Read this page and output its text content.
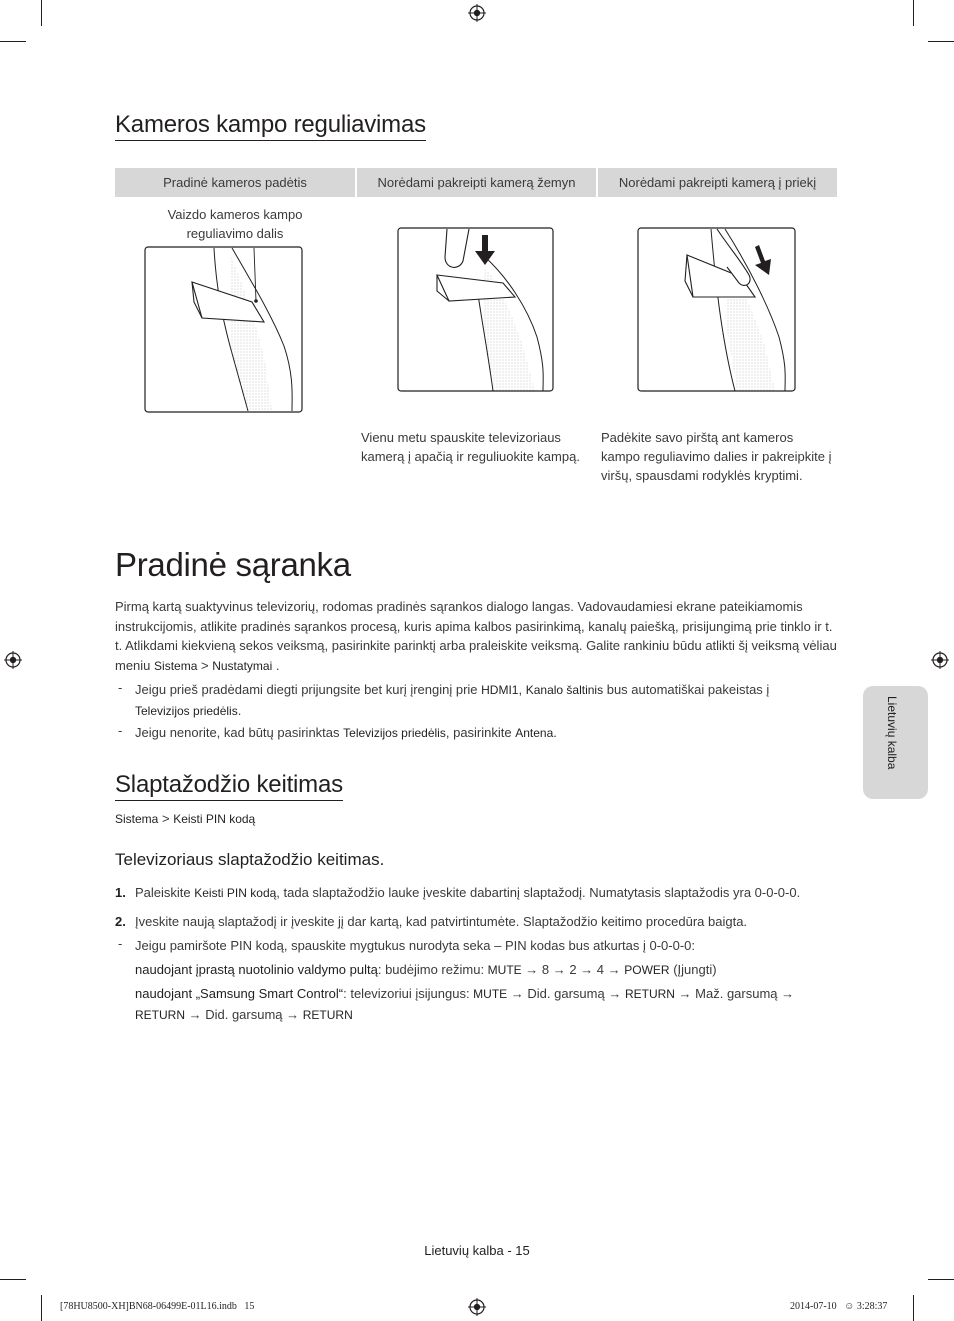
Kameros kampo reguliavimas
Pradinė kameros padėtis	Norėdami pakreipti kamerą žemyn	Norėdami pakreipti kamerą į priekį
Vaizdo kameros kampo
reguliavimo dalis
Vienu metu spauskite televizoriaus
kamerą į apačią ir reguliuokite kampą.
Padėkite savo pirštą ant kameros
kampo reguliavimo dalies ir pakreipkite į
viršų, spausdami rodyklės kryptimi.
Pradinė sąranka
Pirmą kartą suaktyvinus televizorių, rodomas pradinės sąrankos dialogo langas. Vadovaudamiesi ekrane pateikiamomis
instrukcijomis, atlikite pradinės sąrankos procesą, kuris apima kalbos pasirinkimą, kanalų paiešką, prisijungimą prie tinklo ir t.
t. Atlikdami kiekvieną sekos veiksmą, pasirinkite parinktį arba praleiskite veiksmą. Galite rankiniu būdu atlikti šį veiksmą vėliau
meniu Sistema > Nustatymai .
- Jeigu prieš pradėdami diegti prijungsite bet kurį įrenginį prie HDMI1, Kanalo šaltinis bus automatiškai pakeistas į
Televizijos priedėlis.
- Jeigu nenorite, kad būtų pasirinktas Televizijos priedėlis, pasirinkite Antena.
Slaptažodžio keitimas
Sistema > Keisti PIN kodą
Televizoriaus slaptažodžio keitimas.
1. Paleiskite Keisti PIN kodą, tada slaptažodžio lauke įveskite dabartinį slaptažodį. Numatytasis slaptažodis yra 0-0-0-0.
2. Įveskite naują slaptažodį ir įveskite jį dar kartą, kad patvirtintumėte. Slaptažodžio keitimo procedūra baigta.
- Jeigu pamiršote PIN kodą, spauskite mygtukus nurodyta seka – PIN kodas bus atkurtas į 0-0-0-0:
naudojant įprastą nuotolinio valdymo pultą: budėjimo režimu: MUTE → 8 → 2 → 4 → POWER (Įjungti)
naudojant „Samsung Smart Control“: televizoriui įsijungus: MUTE → Did. garsumą → RETURN → Maž. garsumą →
RETURN → Did. garsumą → RETURN
Lietuvių kalba
Lietuvių kalba - 15
[78HU8500-XH]BN68-06499E-01L16.indb   15	2014-07-10   ☺ 3:28:37
